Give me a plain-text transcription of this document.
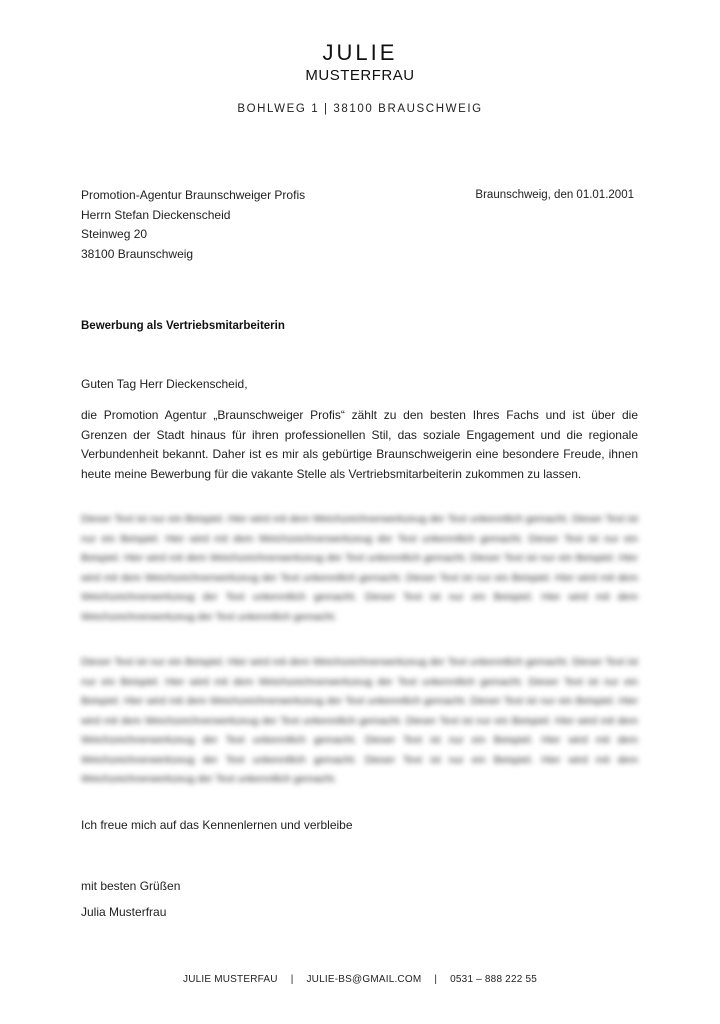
JULIE
MUSTERFRAU
BOHLWEG 1 | 38100 BRAUSCHWEIG
Promotion-Agentur Braunschweiger Profis
Herrn Stefan Dieckenscheid
Steinweg 20
38100 Braunschweig
Braunschweig, den 01.01.2001
Bewerbung als Vertriebsmitarbeiterin
Guten Tag Herr Dieckenscheid,
die Promotion Agentur „Braunschweiger Profis“ zählt zu den besten Ihres Fachs und ist über die Grenzen der Stadt hinaus für ihren professionellen Stil, das soziale Engagement und die regionale Verbundenheit bekannt. Daher ist es mir als gebürtige Braunschweigerin eine besondere Freude, ihnen heute meine Bewerbung für die vakante Stelle als Vertriebsmitarbeiterin zukommen zu lassen.
Dieser Text ist nur ein Beispiel. Hier wird mit dem Weichzeichnerwerkzeug der Text unkenntlich gemacht. Dieser Text ist nur ein Beispiel. Hier wird mit dem Weichzeichnerwerkzeug der Text unkenntlich gemacht. Dieser Text ist nur ein Beispiel. Hier wird mit dem Weichzeichnerwerkzeug der Text unkenntlich gemacht. Dieser Text ist nur ein Beispiel. Hier wird mit dem Weichzeichnerwerkzeug der Text unkenntlich gemacht. Dieser Text ist nur ein Beispiel. Hier wird mit dem Weichzeichnerwerkzeug der Text unkenntlich gemacht. Dieser Text ist nur ein Beispiel. Hier wird mit dem Weichzeichnerwerkzeug der Text unkenntlich gemacht.
Dieser Text ist nur ein Beispiel. Hier wird mit dem Weichzeichnerwerkzeug der Text unkenntlich gemacht. Dieser Text ist nur ein Beispiel. Hier wird mit dem Weichzeichnerwerkzeug der Text unkenntlich gemacht. Dieser Text ist nur ein Beispiel. Hier wird mit dem Weichzeichnerwerkzeug der Text unkenntlich gemacht. Dieser Text ist nur ein Beispiel. Hier wird mit dem Weichzeichnerwerkzeug der Text unkenntlich gemacht. Dieser Text ist nur ein Beispiel. Hier wird mit dem Weichzeichnerwerkzeug der Text unkenntlich gemacht. Dieser Text ist nur ein Beispiel. Hier wird mit dem Weichzeichnerwerkzeug der Text unkenntlich gemacht. Dieser Text ist nur ein Beispiel. Hier wird mit dem Weichzeichnerwerkzeug der Text unkenntlich gemacht.
Ich freue mich auf das Kennenlernen und verbleibe
mit besten Grüßen
Julia Musterfrau
JULIE MUSTERFAU | JULIE-BS@GMAIL.COM | 0531 – 888 222 55
